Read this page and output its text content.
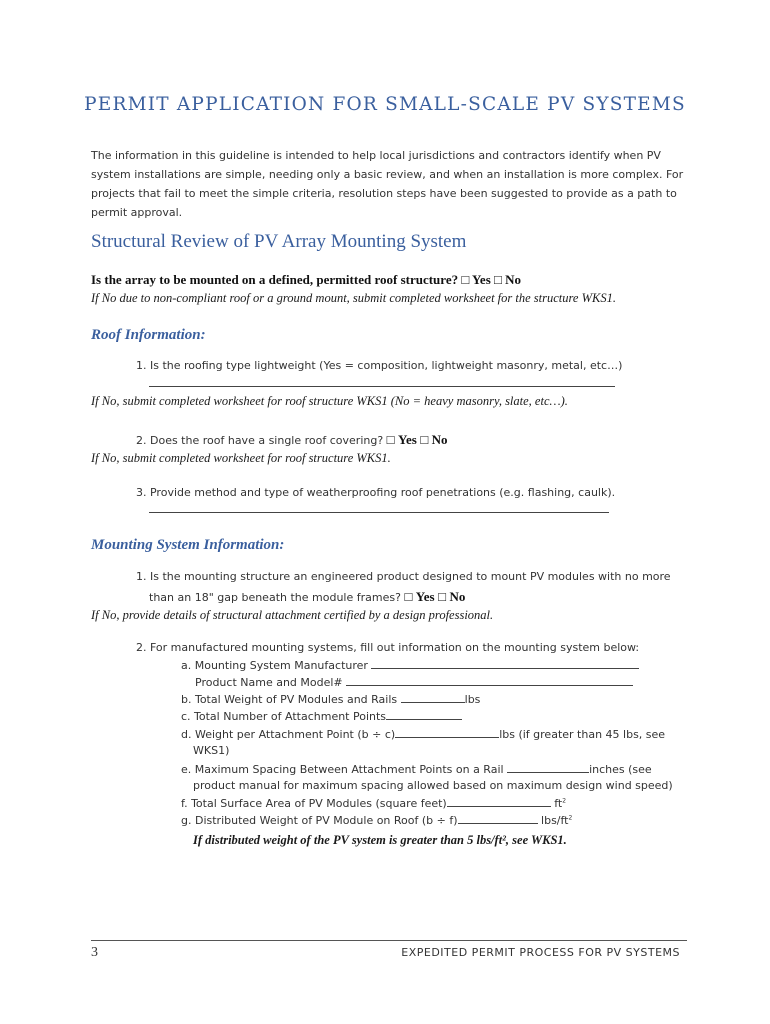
PERMIT APPLICATION FOR SMALL-SCALE PV SYSTEMS
The information in this guideline is intended to help local jurisdictions and contractors identify when PV system installations are simple, needing only a basic review, and when an installation is more complex. For projects that fail to meet the simple criteria, resolution steps have been suggested to provide as a path to permit approval.
Structural Review of PV Array Mounting System
Is the array to be mounted on a defined, permitted roof structure? □ Yes □ No
If No due to non-compliant roof or a ground mount, submit completed worksheet for the structure WKS1.
Roof Information:
1. Is the roofing type lightweight (Yes = composition, lightweight masonry, metal, etc…)
If No, submit completed worksheet for roof structure WKS1 (No = heavy masonry, slate, etc…).
2. Does the roof have a single roof covering? □ Yes □ No
If No, submit completed worksheet for roof structure WKS1.
3. Provide method and type of weatherproofing roof penetrations (e.g. flashing, caulk).
Mounting System Information:
1. Is the mounting structure an engineered product designed to mount PV modules with no more
than an 18" gap beneath the module frames? □ Yes □ No
If No, provide details of structural attachment certified by a design professional.
2. For manufactured mounting systems, fill out information on the mounting system below:
a. Mounting System Manufacturer
Product Name and Model#
b. Total Weight of PV Modules and Rails	lbs
c. Total Number of Attachment Points
d. Weight per Attachment Point (b ÷ c)	lbs (if greater than 45 lbs, see
WKS1)
e. Maximum Spacing Between Attachment Points on a Rail	inches (see
product manual for maximum spacing allowed based on maximum design wind speed)
f. Total Surface Area of PV Modules (square feet)	$ft^2$
g. Distributed Weight of PV Module on Roof (b ÷ f)	lbs/$ft^2$
If distributed weight of the PV system is greater than 5 lbs/ft², see WKS1.
3	EXPEDITED PERMIT PROCESS FOR PV SYSTEMS
